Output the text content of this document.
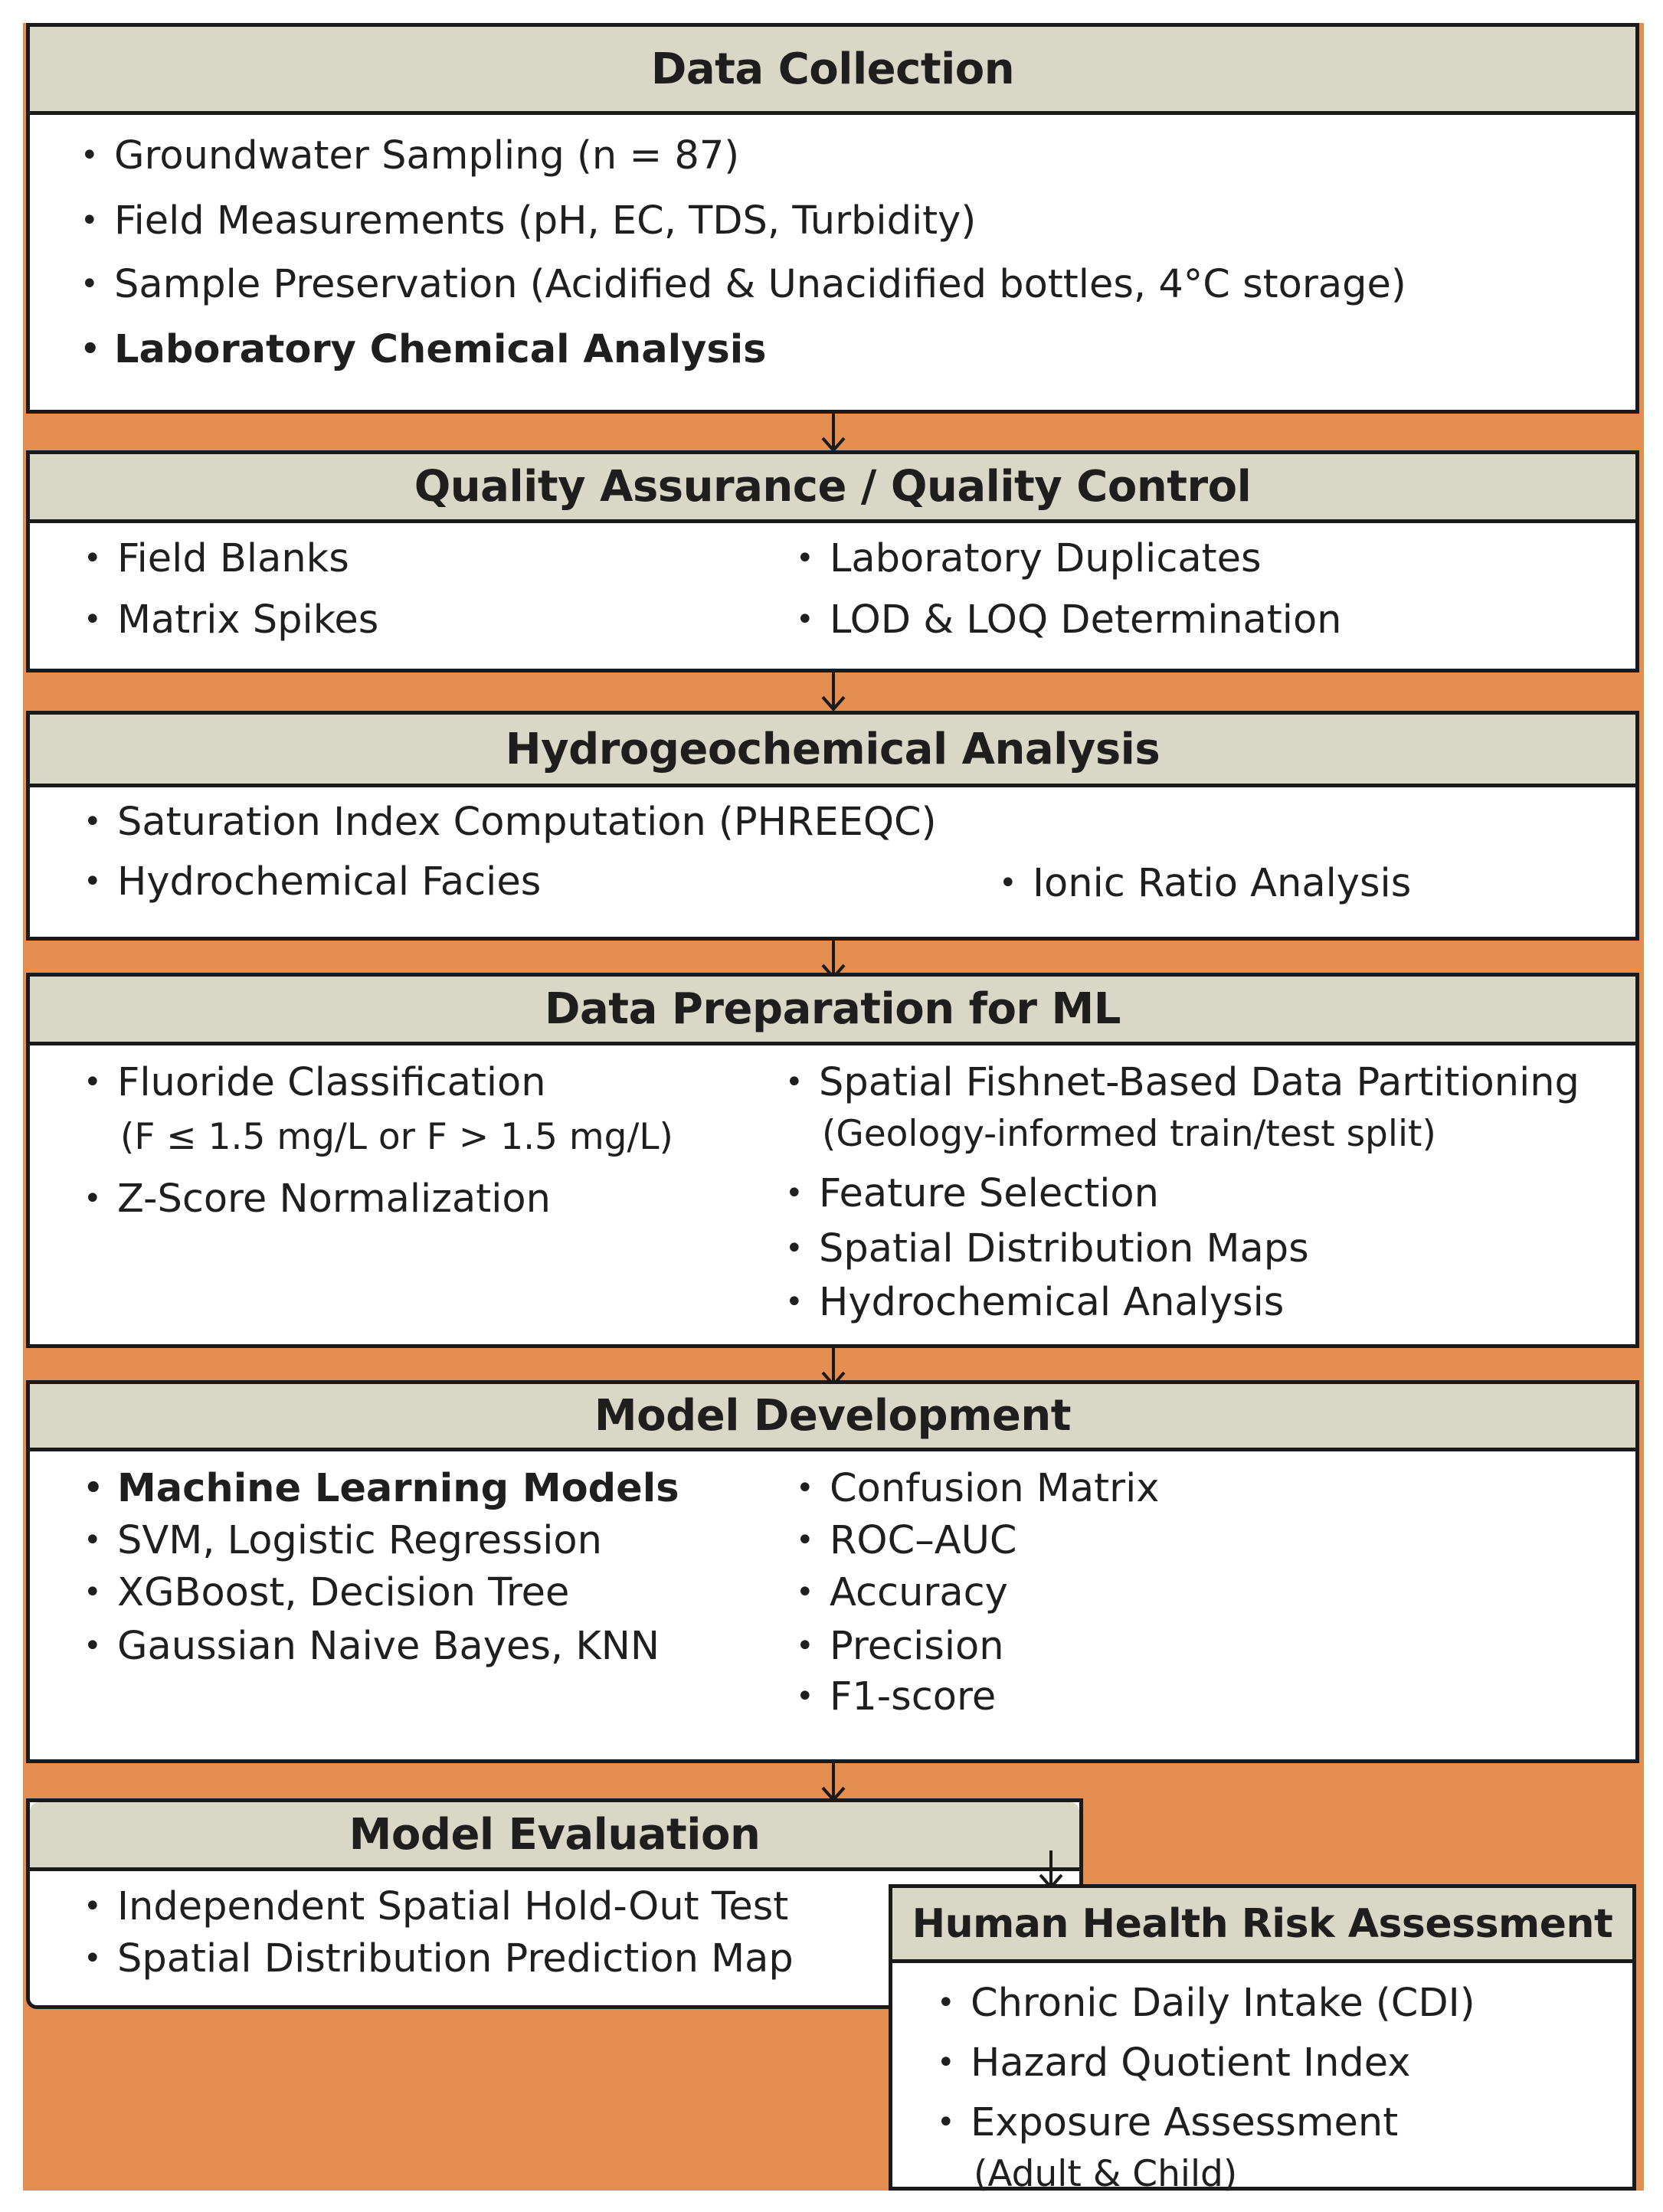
Data Collection
• Groundwater Sampling (n = 87)
• Field Measurements (pH, EC, TDS, Turbidity)
• Sample Preservation (Acidified & Unacidified bottles, 4°C storage)
• Laboratory Chemical Analysis
Quality Assurance / Quality Control
• Field Blanks
• Matrix Spikes
• Laboratory Duplicates
• LOD & LOQ Determination
Hydrogeochemical Analysis
• Saturation Index Computation (PHREEQC)
• Hydrochemical Facies	• Ionic Ratio Analysis
Data Preparation for ML
• Fluoride Classification
(F ≤ 1.5 mg/L or F > 1.5 mg/L)
• Z-Score Normalization
• Spatial Fishnet-Based Data Partitioning
(Geology-informed train/test split)
• Feature Selection
• Spatial Distribution Maps
• Hydrochemical Analysis
Model Development
• Machine Learning Models
• SVM, Logistic Regression
• XGBoost, Decision Tree
• Gaussian Naive Bayes, KNN
• Confusion Matrix
• ROC–AUC
• Accuracy
• Precision
• F1-score
Model Evaluation
• Independent Spatial Hold-Out Test
• Spatial Distribution Prediction Map
Human Health Risk Assessment
• Chronic Daily Intake (CDI)
• Hazard Quotient Index
• Exposure Assessment
(Adult & Child)
